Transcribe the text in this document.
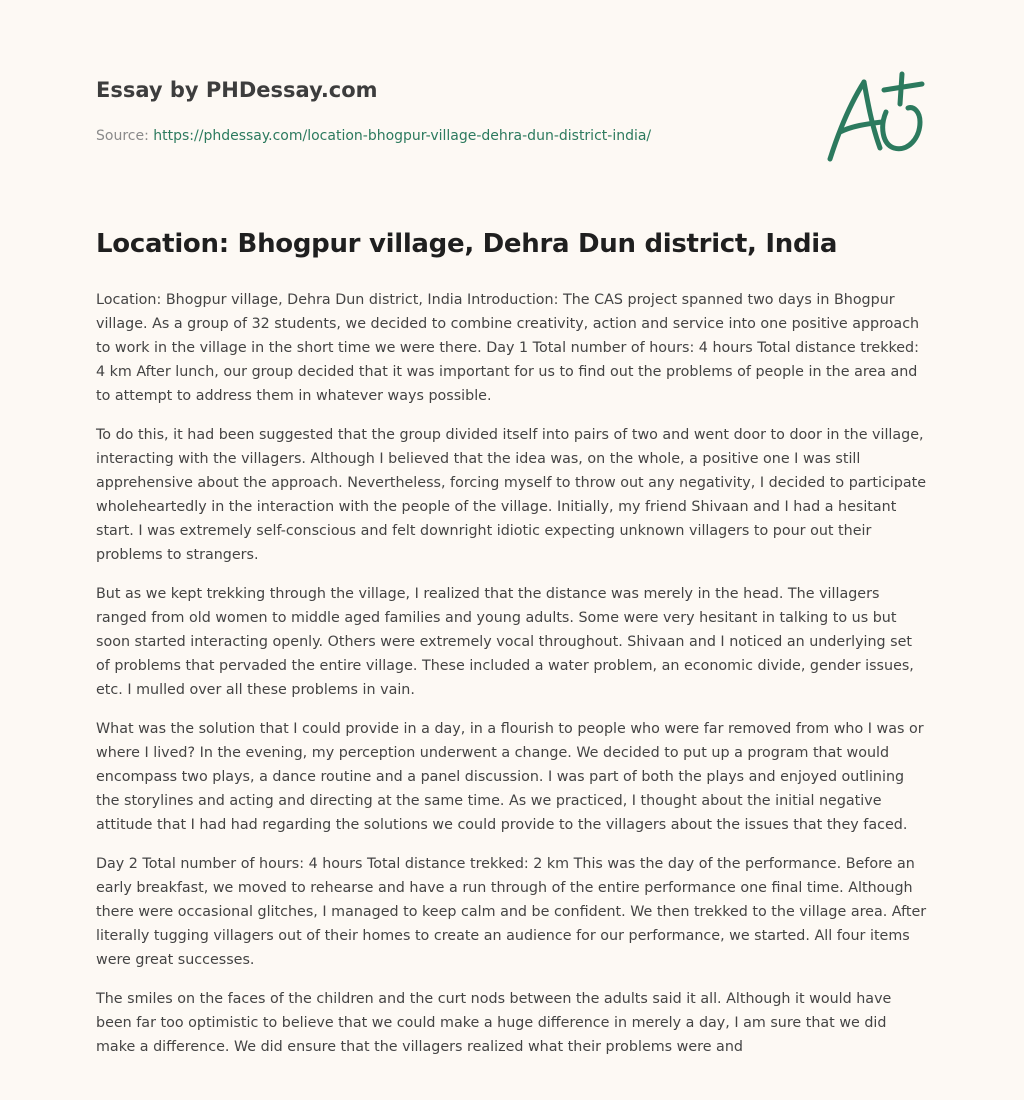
Essay by PHDessay.com
Source: https://phdessay.com/location-bhogpur-village-dehra-dun-district-india/
Location: Bhogpur village, Dehra Dun district, India

Location: Bhogpur village, Dehra Dun district, India Introduction: The CAS project spanned two days in Bhogpur village. As a group of 32 students, we decided to combine creativity, action and service into one positive approach to work in the village in the short time we were there. Day 1 Total number of hours: 4 hours Total distance trekked: 4 km After lunch, our group decided that it was important for us to find out the problems of people in the area and to attempt to address them in whatever ways possible.

To do this, it had been suggested that the group divided itself into pairs of two and went door to door in the village, interacting with the villagers. Although I believed that the idea was, on the whole, a positive one I was still apprehensive about the approach. Nevertheless, forcing myself to throw out any negativity, I decided to participate wholeheartedly in the interaction with the people of the village. Initially, my friend Shivaan and I had a hesitant start. I was extremely self-conscious and felt downright idiotic expecting unknown villagers to pour out their problems to strangers.

But as we kept trekking through the village, I realized that the distance was merely in the head. The villagers ranged from old women to middle aged families and young adults. Some were very hesitant in talking to us but soon started interacting openly. Others were extremely vocal throughout. Shivaan and I noticed an underlying set of problems that pervaded the entire village. These included a water problem, an economic divide, gender issues, etc. I mulled over all these problems in vain.

What was the solution that I could provide in a day, in a flourish to people who were far removed from who I was or where I lived? In the evening, my perception underwent a change. We decided to put up a program that would encompass two plays, a dance routine and a panel discussion. I was part of both the plays and enjoyed outlining the storylines and acting and directing at the same time. As we practiced, I thought about the initial negative attitude that I had had regarding the solutions we could provide to the villagers about the issues that they faced.

Day 2 Total number of hours: 4 hours Total distance trekked: 2 km This was the day of the performance. Before an early breakfast, we moved to rehearse and have a run through of the entire performance one final time. Although there were occasional glitches, I managed to keep calm and be confident. We then trekked to the village area. After literally tugging villagers out of their homes to create an audience for our performance, we started. All four items were great successes.

The smiles on the faces of the children and the curt nods between the adults said it all. Although it would have been far too optimistic to believe that we could make a huge difference in merely a day, I am sure that we did make a difference. We did ensure that the villagers realized what their problems were and
